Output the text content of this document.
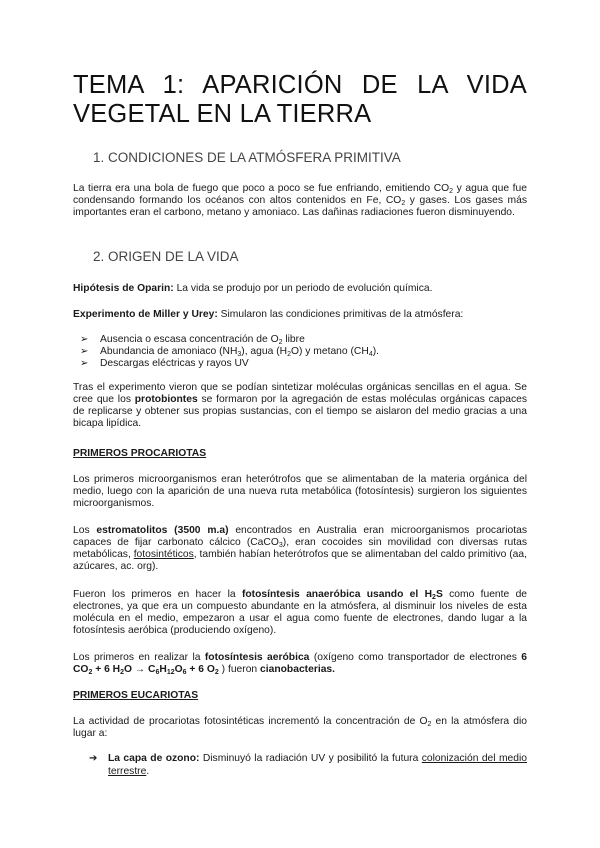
TEMA 1: APARICIÓN DE LA VIDA VEGETAL EN LA TIERRA
1. CONDICIONES DE LA ATMÓSFERA PRIMITIVA

La tierra era una bola de fuego que poco a poco se fue enfriando, emitiendo $CO_2$ y agua que fue condensando formando los océanos con altos contenidos en Fe, $CO_2$ y gases. Los gases más importantes eran el carbono, metano y amoniaco. Las dañinas radiaciones fueron disminuyendo.

2. ORIGEN DE LA VIDA

Hipótesis de Oparin: La vida se produjo por un periodo de evolución química.

Experimento de Miller y Urey: Simularon las condiciones primitivas de la atmósfera:

➢	Ausencia o escasa concentración de $O_2$ libre
➢	Abundancia de amoniaco $(NH_3)$, agua $(H_2O)$ y metano $(CH_4)$.
➢	Descargas eléctricas y rayos UV

Tras el experimento vieron que se podían sintetizar moléculas orgánicas sencillas en el agua. Se cree que los protobiontes se formaron por la agregación de estas moléculas orgánicas capaces de replicarse y obtener sus propias sustancias, con el tiempo se aislaron del medio gracias a una bicapa lipídica.

PRIMEROS PROCARIOTAS

Los primeros microorganismos eran heterótrofos que se alimentaban de la materia orgánica del medio, luego con la aparición de una nueva ruta metabólica (fotosíntesis) surgieron los siguientes microorganismos.

Los estromatolitos (3500 m.a) encontrados en Australia eran microorganismos procariotas capaces de fijar carbonato cálcico (CaCO$_3$), eran cocoides sin movilidad con diversas rutas metabólicas, fotosintéticos, también habían heterótrofos que se alimentaban del caldo primitivo (aa, azúcares, ac. org).

Fueron los primeros en hacer la fotosíntesis anaeróbica usando el $H_2S$ como fuente de electrones, ya que era un compuesto abundante en la atmósfera, al disminuir los niveles de esta molécula en el medio, empezaron a usar el agua como fuente de electrones, dando lugar a la fotosíntesis aeróbica (produciendo oxígeno).

Los primeros en realizar la fotosíntesis aeróbica (oxígeno como transportador de electrones 6 $CO_2 + 6$ $H_2O \to C_6H_{12}O_6 + 6$ $O_2$ ) fueron cianobacterias.

PRIMEROS EUCARIOTAS

La actividad de procariotas fotosintéticas incrementó la concentración de $O_2$ en la atmósfera dio lugar a:

➔	La capa de ozono: Disminuyó la radiación UV y posibilitó la futura colonización del medio terrestre.
